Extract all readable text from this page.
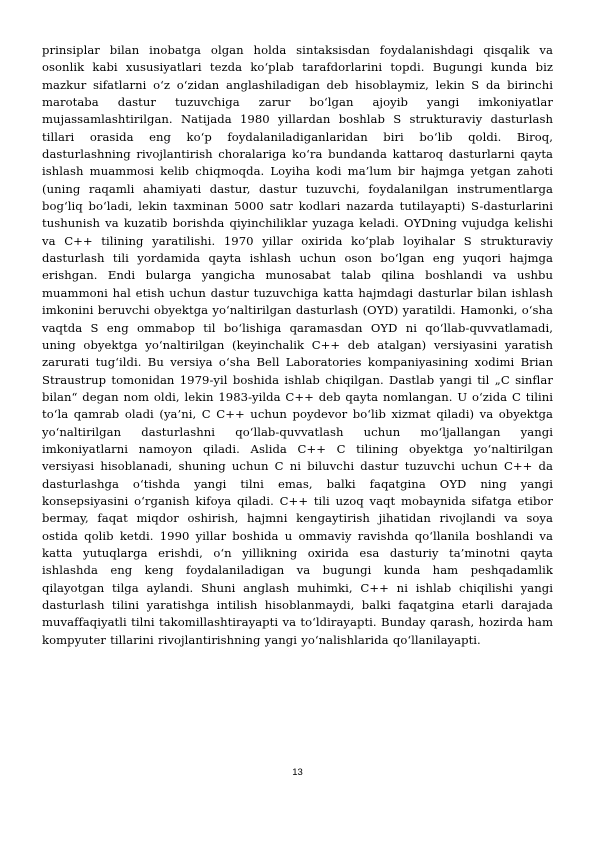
prinsiplar bilan inobatga olgan holda sintaksisdan foydalanishdagi qisqalik va osonlik kabi xususiyatlari tezda ko‘plab tarafdorlarini topdi. Bugungi kunda biz mazkur sifatlarni o‘z o‘zidan anglashiladigan deb hisoblaymiz, lekin S da birinchi marotaba dastur tuzuvchiga zarur bo‘lgan ajoyib yangi imkoniyatlar mujassamlashtirilgan. Natijada 1980 yillardan boshlab S strukturaviy dasturlash tillari orasida eng ko‘p foydalaniladiganlaridan biri bo‘lib qoldi. Biroq, dasturlashning rivojlantirish choralariga ko‘ra bundanda kattaroq dasturlarni qayta ishlash muammosi kelib chiqmoqda. Loyiha kodi ma’lum bir hajmga yetgan zahoti (uning raqamli ahamiyati dastur, dastur tuzuvchi, foydalanilgan instrumentlarga bog‘liq bo‘ladi, lekin taxminan 5000 satr kodlari nazarda tutilayapti) S-dasturlarini tushunish va kuzatib borishda qiyinchiliklar yuzaga keladi. OYDning vujudga kelishi va C++ tilining yaratilishi. 1970 yillar oxirida ko‘plab loyihalar S strukturaviy dasturlash tili yordamida qayta ishlash uchun oson bo‘lgan eng yuqori hajmga erishgan. Endi bularga yangicha munosabat talab qilina boshlandi va ushbu muammoni hal etish uchun dastur tuzuvchiga katta hajmdagi dasturlar bilan ishlash imkonini beruvchi obyektga yo‘naltirilgan dasturlash (OYD) yaratildi. Hamonki, o‘sha vaqtda S eng ommabop til bo‘lishiga qaramasdan OYD ni qo‘llab-quvvatlamadi, uning obyektga yo‘naltirilgan (keyinchalik C++ deb atalgan) versiyasini yaratish zarurati tug‘ildi. Bu versiya o‘sha Bell Laboratories kompaniyasining xodimi Brian Straustrup tomonidan 1979-yil boshida ishlab chiqilgan. Dastlab yangi til „C sinflar bilan“ degan nom oldi, lekin 1983-yilda C++ deb qayta nomlangan. U o‘zida C tilini to‘la qamrab oladi (ya’ni, C C++ uchun poydevor bo‘lib xizmat qiladi) va obyektga yo‘naltirilgan dasturlashni qo‘llab-quvvatlash uchun mo‘ljallangan yangi imkoniyatlarni namoyon qiladi. Aslida C++ C tilining obyektga yo‘naltirilgan versiyasi hisoblanadi, shuning uchun C ni biluvchi dastur tuzuvchi uchun C++ da dasturlashga o‘tishda yangi tilni emas, balki faqatgina OYD ning yangi konsepsiyasini o‘rganish kifoya qiladi. C++ tili uzoq vaqt mobaynida sifatga etibor bermay, faqat miqdor oshirish, hajmni kengaytirish jihatidan rivojlandi va soya ostida qolib ketdi. 1990 yillar boshida u ommaviy ravishda qo‘llanila boshlandi va katta yutuqlarga erishdi, o‘n yillikning oxirida esa dasturiy ta’minotni qayta ishlashda eng keng foydalaniladigan va bugungi kunda ham peshqadamlik qilayotgan tilga aylandi. Shuni anglash muhimki, C++ ni ishlab chiqilishi yangi dasturlash tilini yaratishga intilish hisoblanmaydi, balki faqatgina etarli darajada muvaffaqiyatli tilni takomillashtirayapti va to‘ldirayapti. Bunday qarash, hozirda ham kompyuter tillarini rivojlantirishning yangi yo‘nalishlarida qo‘llanilayapti.

13
